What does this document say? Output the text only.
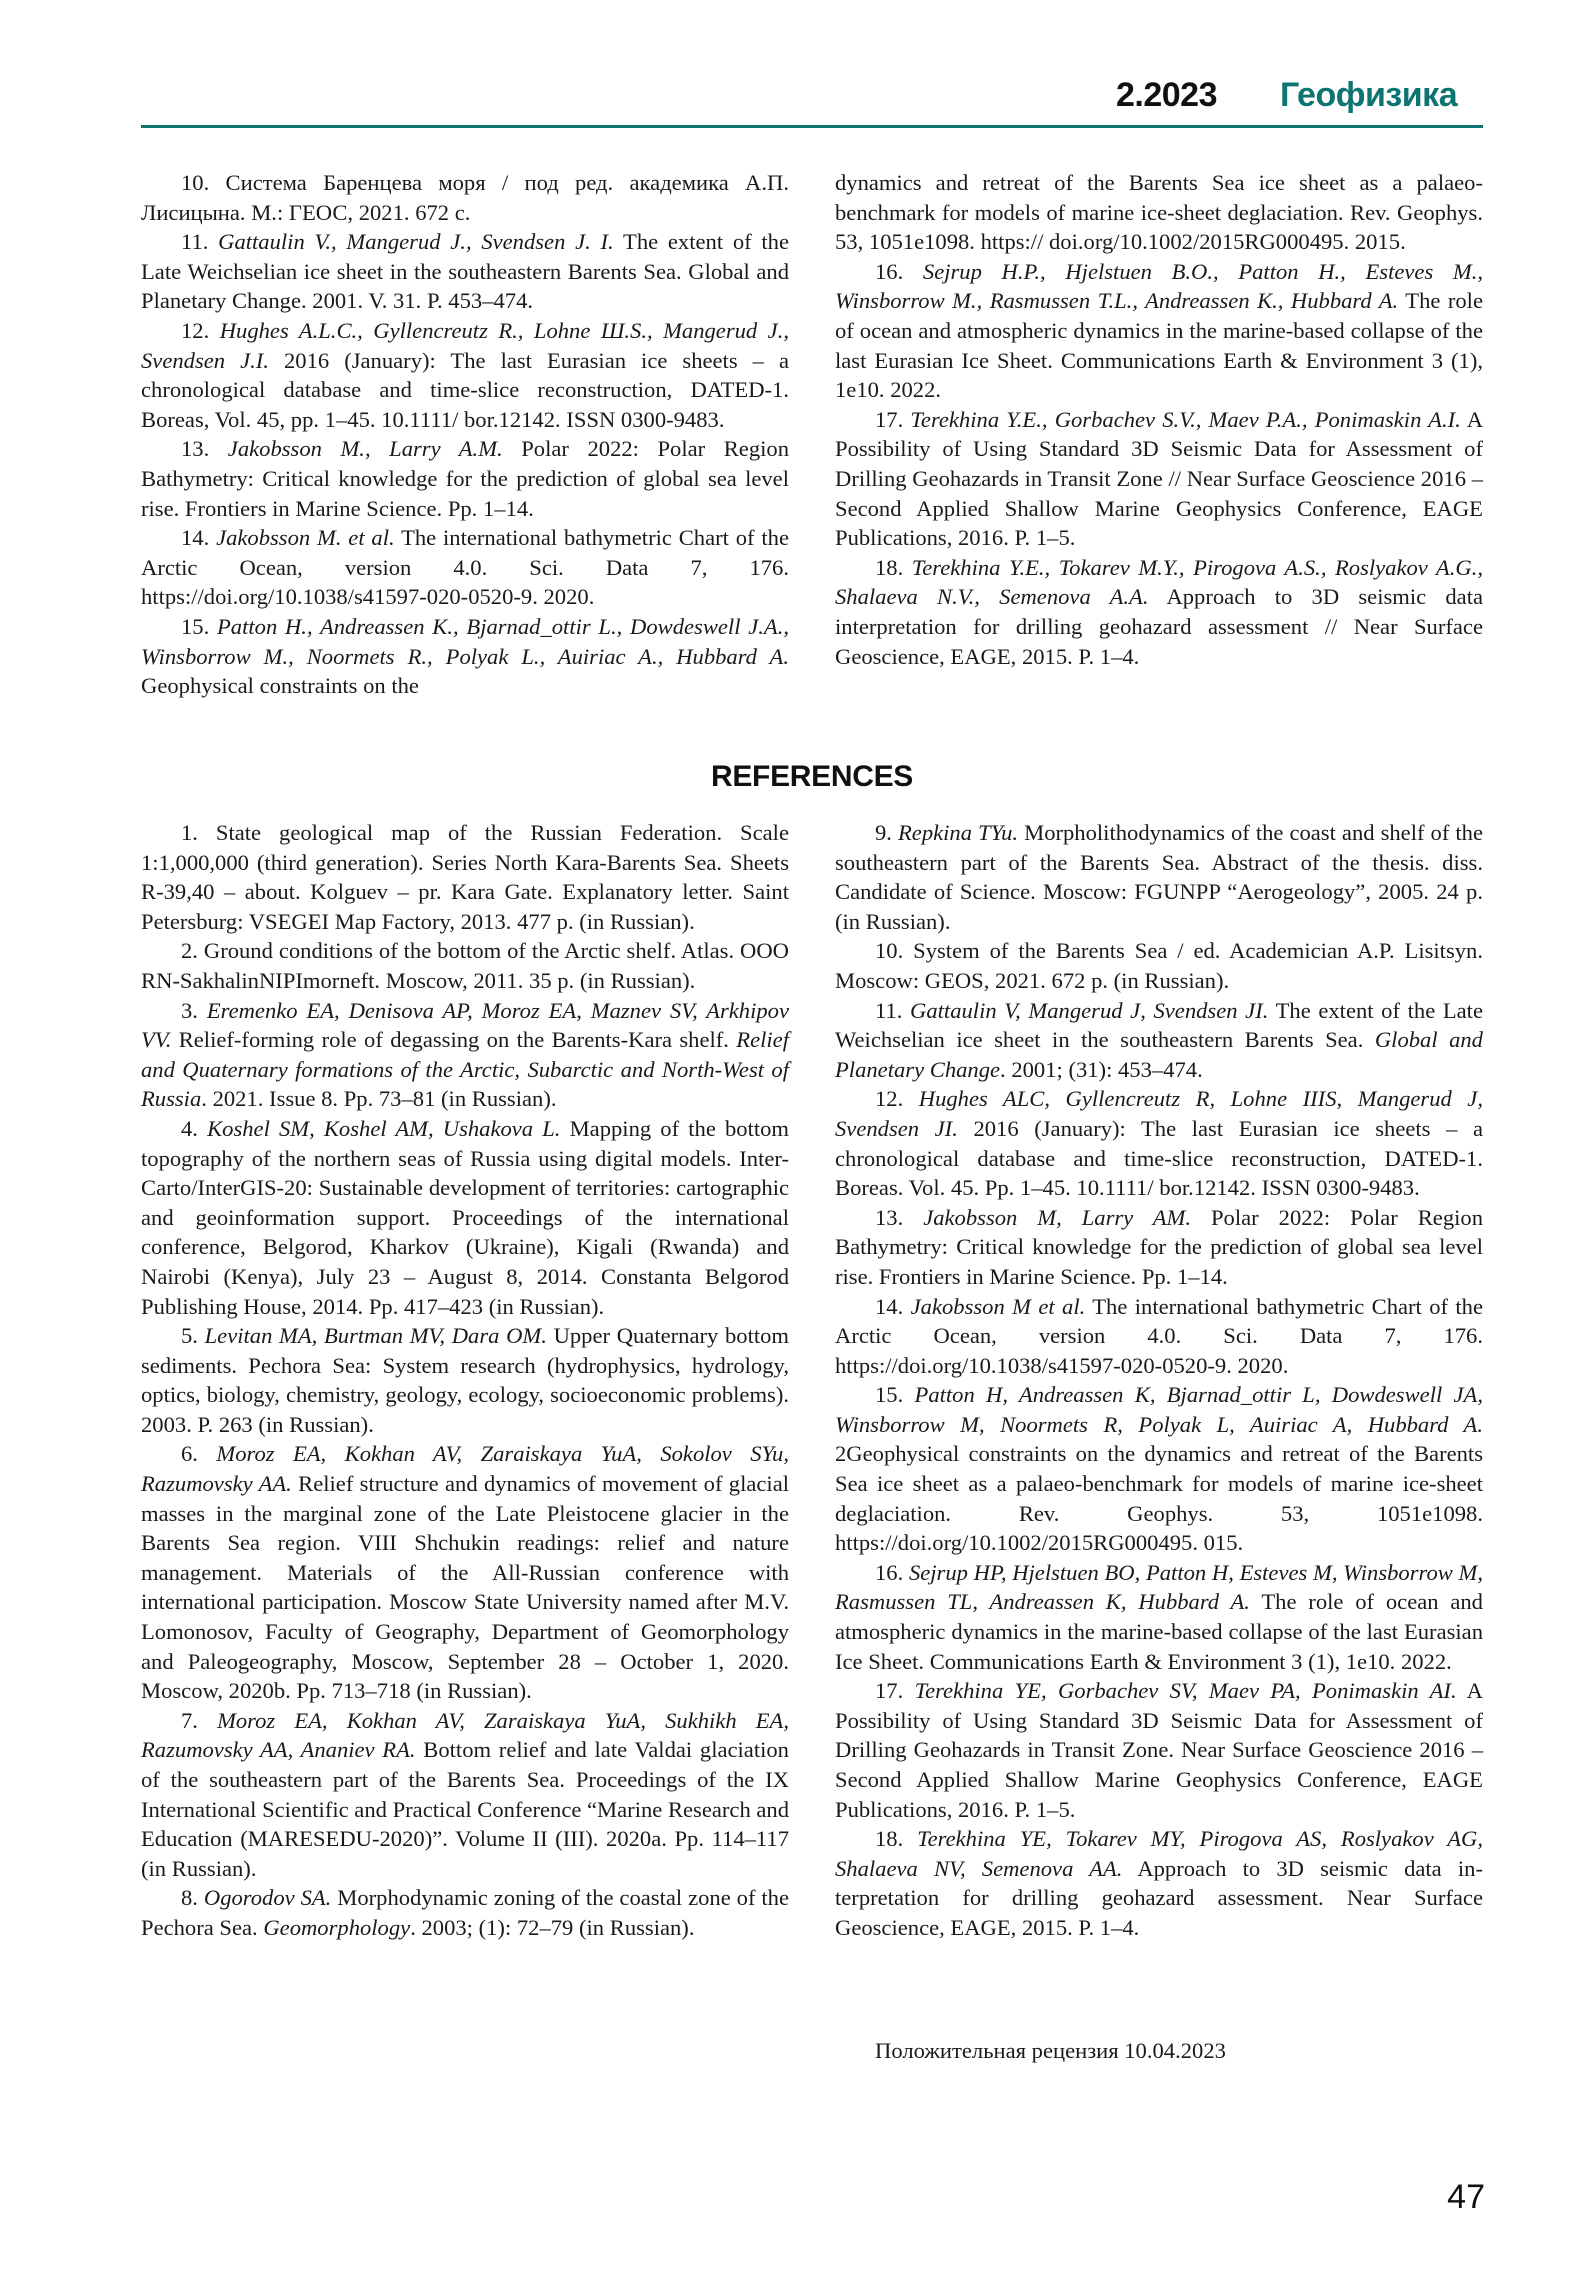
2.2023 Геофизика

10. Система Баренцева моря / под ред. академика А.П. Лисицына. М.: ГЕОС, 2021. 672 с.

11. Gattaulin V., Mangerud J., Svendsen J. I. The extent of the Late Weichselian ice sheet in the southeastern Barents Sea. Global and Planetary Change. 2001. V. 31. P. 453–474.

12. Hughes A.L.C., Gyllencreutz R., Lohne Ш.S., Mangerud J., Svendsen J.I. 2016 (January): The last Eurasian ice sheets – a chronological database and time-slice reconstruction, DATED-1. Boreas, Vol. 45, pp. 1–45. 10.1111/ bor.12142. ISSN 0300-9483.

13. Jakobsson M., Larry A.M. Polar 2022: Polar Region Bathymetry: Critical knowledge for the prediction of global sea level rise. Frontiers in Marine Science. Pp. 1–14.

14. Jakobsson M. et al. The international bathymetric Chart of the Arctic Ocean, version 4.0. Sci. Data 7, 176. https://doi.org/10.1038/s41597-020-0520-9. 2020.

15. Patton H., Andreassen K., Bjarnad_ottir L., Dowdeswell J.A., Winsborrow M., Noormets R., Polyak L., Auiriac A., Hubbard A. Geophysical constraints on the

dynamics and retreat of the Barents Sea ice sheet as a palaeo-benchmark for models of marine ice-sheet deglaciation. Rev. Geophys. 53, 1051e1098. https:// doi.org/10.1002/2015RG000495. 2015.

16. Sejrup H.P., Hjelstuen B.O., Patton H., Esteves M., Winsborrow M., Rasmussen T.L., Andreassen K., Hubbard A. The role of ocean and atmospheric dynamics in the marine-based collapse of the last Eurasian Ice Sheet. Communications Earth & Environment 3 (1), 1e10. 2022.

17. Terekhina Y.E., Gorbachev S.V., Maev P.A., Ponimaskin A.I. A Possibility of Using Standard 3D Seismic Data for Assessment of Drilling Geohazards in Transit Zone // Near Surface Geoscience 2016 – Second Applied Shallow Marine Geophysics Conference, EAGE Publications, 2016. P. 1–5.

18. Terekhina Y.E., Tokarev M.Y., Pirogova A.S., Roslyakov A.G., Shalaeva N.V., Semenova A.A. Approach to 3D seismic data interpretation for drilling geohazard assessment // Near Surface Geoscience, EAGE, 2015. P. 1–4.

REFERENCES

1. State geological map of the Russian Federation. Scale 1:1,000,000 (third generation). Series North Kara-Barents Sea. Sheets R-39,40 – about. Kolguev – pr. Kara Gate. Explanatory letter. Saint Petersburg: VSEGEI Map Factory, 2013. 477 p. (in Russian).

2. Ground conditions of the bottom of the Arctic shelf. Atlas. OOO RN-SakhalinNIPImorneft. Moscow, 2011. 35 p. (in Russian).

3. Eremenko EA, Denisova AP, Moroz EA, Maznev SV, Arkhipov VV. Relief-forming role of degassing on the Barents-Kara shelf. Relief and Quaternary formations of the Arctic, Subarctic and North-West of Russia. 2021. Issue 8. Pp. 73–81 (in Russian).

4. Koshel SM, Koshel AM, Ushakova L. Mapping of the bottom topography of the northern seas of Russia using digital models. Inter-Carto/InterGIS-20: Sustainable development of territories: cartographic and geoinformation support. Proceedings of the international conference, Belgorod, Kharkov (Ukraine), Kigali (Rwanda) and Nairobi (Kenya), July 23 – August 8, 2014. Constanta Belgorod Publishing House, 2014. Pp. 417–423 (in Russian).

5. Levitan MA, Burtman MV, Dara OM. Upper Quaternary bottom sediments. Pechora Sea: System research (hydrophysics, hydrology, optics, biology, chemistry, geology, ecology, socioeconomic problems). 2003. P. 263 (in Russian).

6. Moroz EA, Kokhan AV, Zaraiskaya YuA, Sokolov SYu, Razumovsky AA. Relief structure and dynamics of movement of glacial masses in the marginal zone of the Late Pleistocene glacier in the Barents Sea region. VIII Shchukin readings: relief and nature management. Materials of the All-Russian conference with international participation. Moscow State University named after M.V. Lomonosov, Faculty of Geography, Department of Geomorphology and Paleogeography, Moscow, September 28 – October 1, 2020. Moscow, 2020b. Pp. 713–718 (in Russian).

7. Moroz EA, Kokhan AV, Zaraiskaya YuA, Sukhikh EA, Razumovsky AA, Ananiev RA. Bottom relief and late Valdai glaciation of the southeastern part of the Barents Sea. Proceedings of the IX International Scientific and Practical Conference “Marine Research and Education (MARESEDU-2020)”. Volume II (III). 2020a. Pp. 114–117 (in Russian).

8. Ogorodov SA. Morphodynamic zoning of the coastal zone of the Pechora Sea. Geomorphology. 2003; (1): 72–79 (in Russian).

9. Repkina TYu. Morpholithodynamics of the coast and shelf of the southeastern part of the Barents Sea. Abstract of the thesis. diss. Candidate of Science. Moscow: FGUNPP “Aerogeology”, 2005. 24 p. (in Russian).

10. System of the Barents Sea / ed. Academician A.P. Lisitsyn. Moscow: GEOS, 2021. 672 p. (in Russian).

11. Gattaulin V, Mangerud J, Svendsen JI. The extent of the Late Weichselian ice sheet in the southeastern Barents Sea. Global and Planetary Change. 2001; (31): 453–474.

12. Hughes ALC, Gyllencreutz R, Lohne IIIS, Mangerud J, Svendsen JI. 2016 (January): The last Eurasian ice sheets – a chronological database and time-slice reconstruction, DATED-1. Boreas. Vol. 45. Pp. 1–45. 10.1111/ bor.12142. ISSN 0300-9483.

13. Jakobsson M, Larry AM. Polar 2022: Polar Region Bathymetry: Critical knowledge for the prediction of global sea level rise. Frontiers in Marine Science. Pp. 1–14.

14. Jakobsson M et al. The international bathymetric Chart of the Arctic Ocean, version 4.0. Sci. Data 7, 176. https://doi.org/10.1038/s41597-020-0520-9. 2020.

15. Patton H, Andreassen K, Bjarnad_ottir L, Dowdeswell JA, Winsborrow M, Noormets R, Polyak L, Auiriac A, Hubbard A. 2Geophysical constraints on the dynamics and retreat of the Barents Sea ice sheet as a palaeo-benchmark for models of marine ice-sheet deglaciation. Rev. Geophys. 53, 1051e1098. https://doi.org/10.1002/2015RG000495. 015.

16. Sejrup HP, Hjelstuen BO, Patton H, Esteves M, Winsborrow M, Rasmussen TL, Andreassen K, Hubbard A. The role of ocean and atmospheric dynamics in the marine-based collapse of the last Eurasian Ice Sheet. Communications Earth & Environment 3 (1), 1e10. 2022.

17. Terekhina YE, Gorbachev SV, Maev PA, Ponimaskin AI. A Possibility of Using Standard 3D Seismic Data for Assessment of Drilling Geohazards in Transit Zone. Near Surface Geoscience 2016 – Second Applied Shallow Marine Geophysics Conference, EAGE Publications, 2016. P. 1–5.

18. Terekhina YE, Tokarev MY, Pirogova AS, Roslyakov AG, Shalaeva NV, Semenova AA. Approach to 3D seismic data interpretation for drilling geohazard assessment. Near Surface Geoscience, EAGE, 2015. P. 1–4.

Положительная рецензия 10.04.2023
47
